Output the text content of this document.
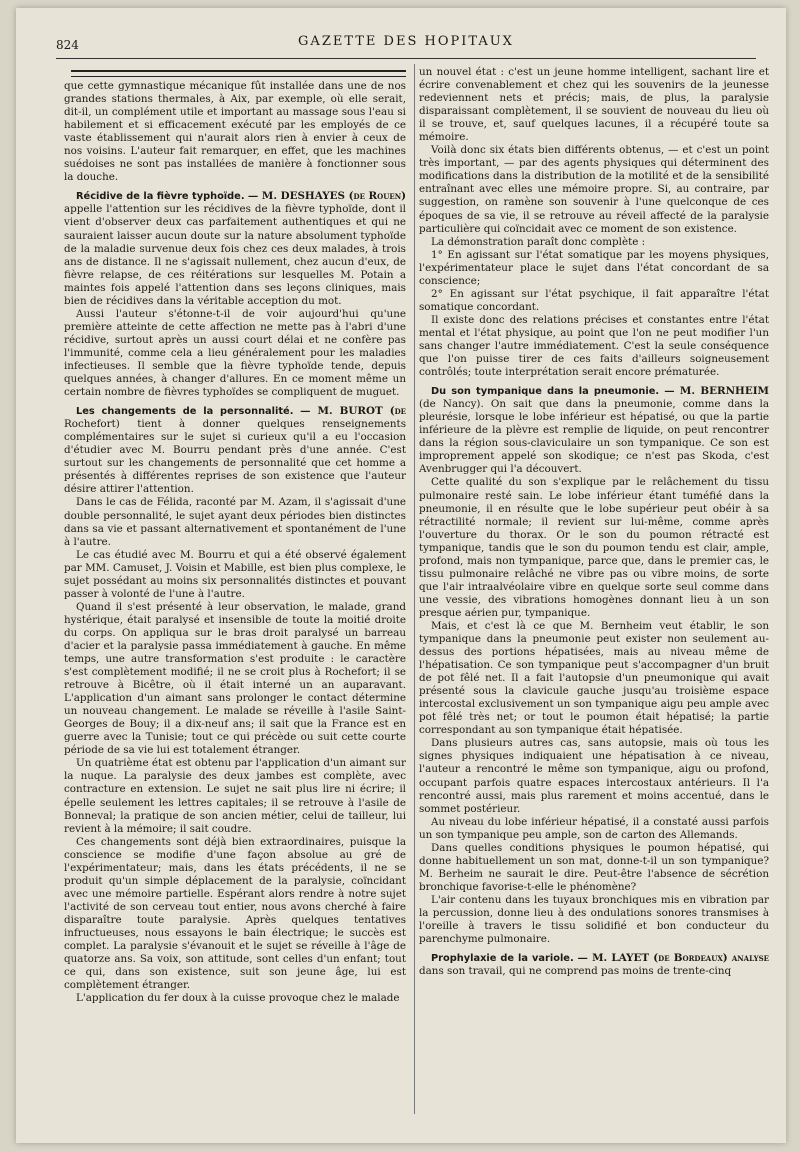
824	GAZETTE DES HOPITAUX

que cette gymnastique mécanique fût installée dans une de nos grandes stations thermales, à Aix, par exemple, où elle serait, dit-il, un complément utile et important au massage sous l'eau si habilement et si efficacement exécuté par les employés de ce vaste établissement qui n'aurait alors rien à envier à ceux de nos voisins. L'auteur fait remarquer, en effet, que les machines suédoises ne sont pas installées de manière à fonctionner sous la douche.

Récidive de la fièvre typhoïde. — M. DESHAYES (de Rouen) appelle l'attention sur les récidives de la fièvre typhoïde, dont il vient d'observer deux cas parfaitement authentiques et qui ne sauraient laisser aucun doute sur la nature absolument typhoïde de la maladie survenue deux fois chez ces deux malades, à trois ans de distance. Il ne s'agissait nullement, chez aucun d'eux, de fièvre relapse, de ces réitérations sur lesquelles M. Potain a maintes fois appelé l'attention dans ses leçons cliniques, mais bien de récidives dans la véritable acception du mot.

Aussi l'auteur s'étonne-t-il de voir aujourd'hui qu'une première atteinte de cette affection ne mette pas à l'abri d'une récidive, surtout après un aussi court délai et ne confère pas l'immunité, comme cela a lieu généralement pour les maladies infectieuses. Il semble que la fièvre typhoïde tende, depuis quelques années, à changer d'allures. En ce moment même un certain nombre de fièvres typhoïdes se compliquent de muguet.

Les changements de la personnalité. — M. BUROT (de Rochefort) tient à donner quelques renseignements complémentaires sur le sujet si curieux qu'il a eu l'occasion d'étudier avec M. Bourru pendant près d'une année. C'est surtout sur les changements de personnalité que cet homme a présentés à différentes reprises de son existence que l'auteur désire attirer l'attention.

Dans le cas de Félida, raconté par M. Azam, il s'agissait d'une double personnalité, le sujet ayant deux périodes bien distinctes dans sa vie et passant alternativement et spontanément de l'une à l'autre.

Le cas étudié avec M. Bourru et qui a été observé également par MM. Camuset, J. Voisin et Mabille, est bien plus complexe, le sujet possédant au moins six personnalités distinctes et pouvant passer à volonté de l'une à l'autre.

Quand il s'est présenté à leur observation, le malade, grand hystérique, était paralysé et insensible de toute la moitié droite du corps. On appliqua sur le bras droit paralysé un barreau d'acier et la paralysie passa immédiatement à gauche. En même temps, une autre transformation s'est produite : le caractère s'est complètement modifié; il ne se croit plus à Rochefort; il se retrouve à Bicêtre, où il était interné un an auparavant. L'application d'un aimant sans prolonger le contact détermine un nouveau changement. Le malade se réveille à l'asile Saint-Georges de Bouy; il a dix-neuf ans; il sait que la France est en guerre avec la Tunisie; tout ce qui précède ou suit cette courte période de sa vie lui est totalement étranger.

Un quatrième état est obtenu par l'application d'un aimant sur la nuque. La paralysie des deux jambes est complète, avec contracture en extension. Le sujet ne sait plus lire ni écrire; il épelle seulement les lettres capitales; il se retrouve à l'asile de Bonneval; la pratique de son ancien métier, celui de tailleur, lui revient à la mémoire; il sait coudre.

Ces changements sont déjà bien extraordinaires, puisque la conscience se modifie d'une façon absolue au gré de l'expérimentateur; mais, dans les états précédents, il ne se produit qu'un simple déplacement de la paralysie, coïncidant avec une mémoire partielle. Espérant alors rendre à notre sujet l'activité de son cerveau tout entier, nous avons cherché à faire disparaître toute paralysie. Après quelques tentatives infructueuses, nous essayons le bain électrique; le succès est complet. La paralysie s'évanouit et le sujet se réveille à l'âge de quatorze ans. Sa voix, son attitude, sont celles d'un enfant; tout ce qui, dans son existence, suit son jeune âge, lui est complètement étranger.

L'application du fer doux à la cuisse provoque chez le malade

un nouvel état : c'est un jeune homme intelligent, sachant lire et écrire convenablement et chez qui les souvenirs de la jeunesse redeviennent nets et précis; mais, de plus, la paralysie disparaissant complètement, il se souvient de nouveau du lieu où il se trouve, et, sauf quelques lacunes, il a récupéré toute sa mémoire.

Voilà donc six états bien différents obtenus, — et c'est un point très important, — par des agents physiques qui déterminent des modifications dans la distribution de la motilité et de la sensibilité entraînant avec elles une mémoire propre. Si, au contraire, par suggestion, on ramène son souvenir à l'une quelconque de ces époques de sa vie, il se retrouve au réveil affecté de la paralysie particulière qui coïncidait avec ce moment de son existence.

La démonstration paraît donc complète :

1° En agissant sur l'état somatique par les moyens physiques, l'expérimentateur place le sujet dans l'état concordant de sa conscience;

2° En agissant sur l'état psychique, il fait apparaître l'état somatique concordant.

Il existe donc des relations précises et constantes entre l'état mental et l'état physique, au point que l'on ne peut modifier l'un sans changer l'autre immédiatement. C'est la seule conséquence que l'on puisse tirer de ces faits d'ailleurs soigneusement contrôlés; toute interprétation serait encore prématurée.

Du son tympanique dans la pneumonie. — M. BERNHEIM (de Nancy). On sait que dans la pneumonie, comme dans la pleurésie, lorsque le lobe inférieur est hépatisé, ou que la partie inférieure de la plèvre est remplie de liquide, on peut rencontrer dans la région sous-claviculaire un son tympanique. Ce son est improprement appelé son skodique; ce n'est pas Skoda, c'est Avenbrugger qui l'a découvert.

Cette qualité du son s'explique par le relâchement du tissu pulmonaire resté sain. Le lobe inférieur étant tuméfié dans la pneumonie, il en résulte que le lobe supérieur peut obéir à sa rétractilité normale; il revient sur lui-même, comme après l'ouverture du thorax. Or le son du poumon rétracté est tympanique, tandis que le son du poumon tendu est clair, ample, profond, mais non tympanique, parce que, dans le premier cas, le tissu pulmonaire relâché ne vibre pas ou vibre moins, de sorte que l'air intraalvéolaire vibre en quelque sorte seul comme dans une vessie, des vibrations homogènes donnant lieu à un son presque aérien pur, tympanique.

Mais, et c'est là ce que M. Bernheim veut établir, le son tympanique dans la pneumonie peut exister non seulement au-dessus des portions hépatisées, mais au niveau même de l'hépatisation. Ce son tympanique peut s'accompagner d'un bruit de pot fêlé net. Il a fait l'autopsie d'un pneumonique qui avait présenté sous la clavicule gauche jusqu'au troisième espace intercostal exclusivement un son tympanique aigu peu ample avec pot fêlé très net; or tout le poumon était hépatisé; la partie correspondant au son tympanique était hépatisée.

Dans plusieurs autres cas, sans autopsie, mais où tous les signes physiques indiquaient une hépatisation à ce niveau, l'auteur a rencontré le même son tympanique, aigu ou profond, occupant parfois quatre espaces intercostaux antérieurs. Il l'a rencontré aussi, mais plus rarement et moins accentué, dans le sommet postérieur.

Au niveau du lobe inférieur hépatisé, il a constaté aussi parfois un son tympanique peu ample, son de carton des Allemands.

Dans quelles conditions physiques le poumon hépatisé, qui donne habituellement un son mat, donne-t-il un son tympanique? M. Berheim ne saurait le dire. Peut-être l'absence de sécrétion bronchique favorise-t-elle le phénomène?

L'air contenu dans les tuyaux bronchiques mis en vibration par la percussion, donne lieu à des ondulations sonores transmises à l'oreille à travers le tissu solidifié et bon conducteur du parenchyme pulmonaire.

Prophylaxie de la variole. — M. LAYET (de Bordeaux) analyse dans son travail, qui ne comprend pas moins de trente-cinq
